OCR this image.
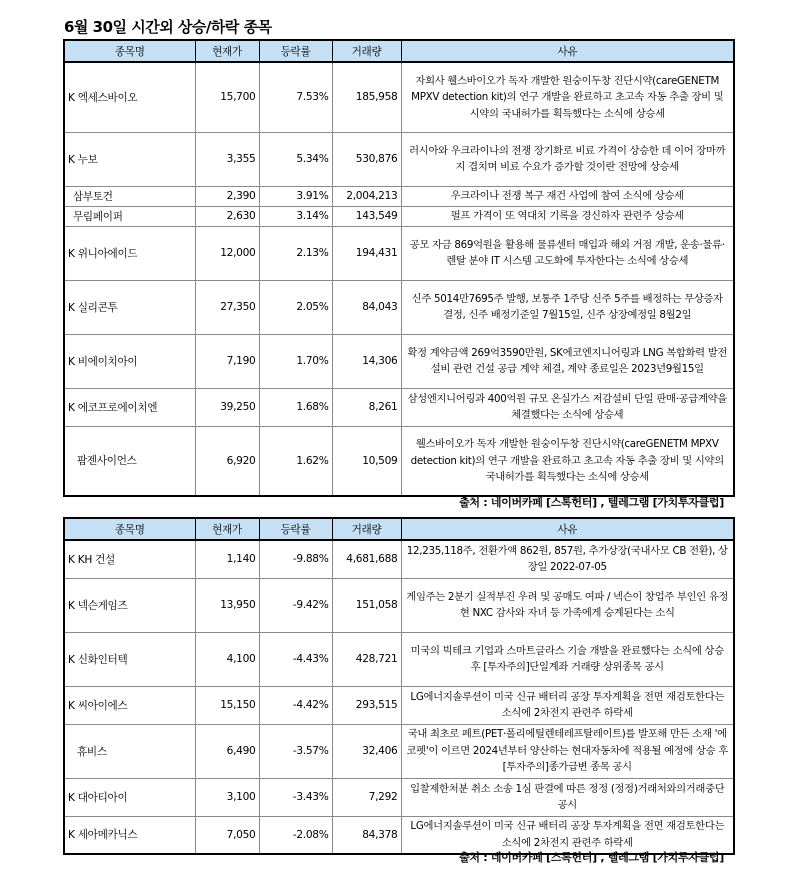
6월 30일 시간외 상승/하락 종목
종목명	현재가	등락률	거래량	사유
K 엑세스바이오	15,700	7.53%	185,958	자회사 웰스바이오가 독자 개발한 원숭이두창 진단시약(careGENETM MPXV detection kit)의 연구 개발을 완료하고 초고속 자동 추출 장비 및 시약의 국내허가를 획득했다는 소식에 상승세
K 누보	3,355	5.34%	530,876	러시아와 우크라이나의 전쟁 장기화로 비료 가격이 상승한 데 이어 장마까지 겹치며 비료 수요가 증가할 것이란 전망에 상승세
삼부토건	2,390	3.91%	2,004,213	우크라이나 전쟁 복구 재건 사업에 참여 소식에 상승세
무림페이퍼	2,630	3.14%	143,549	펄프 가격이 또 역대치 기록을 경신하자 관련주 상승세
K 위니아에이드	12,000	2.13%	194,431	공모 자금 869억원을 활용해 물류센터 매입과 해외 거점 개발, 운송·물류·렌탈 분야 IT 시스템 고도화에 투자한다는 소식에 상승세
K 실리콘투	27,350	2.05%	84,043	신주 5014만7695주 발행, 보통주 1주당 신주 5주를 배정하는 무상증자 결정, 신주 배정기준일 7월15일, 신주 상장예정일 8월2일
K 비에이치아이	7,190	1.70%	14,306	확정 계약금액 269억3590만원, SK에코엔지니어링과 LNG 복합화력 발전설비 관련 건설 공급 계약 체결, 계약 종료일은 2023년9월15일
K 에코프로에이치엔	39,250	1.68%	8,261	삼성엔지니어링과 400억원 규모 온실가스 저감설비 단일 판매·공급계약을 체결했다는 소식에 상승세
팜젠사이언스	6,920	1.62%	10,509	웰스바이오가 독자 개발한 원숭이두창 진단시약(careGENETM MPXV detection kit)의 연구 개발을 완료하고 초고속 자동 추출 장비 및 시약의 국내허가를 획득했다는 소식에 상승세
출처 : 네이버카페 [스톡헌터] , 텔레그램 [가치투자클럽]
종목명	현재가	등락률	거래량	사유
K KH 건설	1,140	-9.88%	4,681,688	12,235,118주, 전환가액 862원, 857원, 추가상장(국내사모 CB 전환), 상장일 2022-07-05
K 넥슨게임즈	13,950	-9.42%	151,058	게임주는 2분기 실적부진 우려 및 공매도 여파 / 넥슨이 창업주 부인인 유정현 NXC 감사와 자녀 등 가족에게 승계된다는 소식
K 신화인터텍	4,100	-4.43%	428,721	미국의 빅테크 기업과 스마트글라스 기술 개발을 완료했다는 소식에 상승 후 [투자주의]단일계좌 거래량 상위종목 공시
K 씨아이에스	15,150	-4.42%	293,515	LG에너지솔루션이 미국 신규 배터리 공장 투자계획을 전면 재검토한다는 소식에 2차전지 관련주 하락세
휴비스	6,490	-3.57%	32,406	국내 최초로 페트(PET·폴리에틸렌테레프탈레이트)를 발포해 만든 소재 '에코펫'이 이르면 2024년부터 양산하는 현대자동차에 적용될 예정에 상승 후 [투자주의]종가급변 종목 공시
K 대아티아이	3,100	-3.43%	7,292	입찰제한처분 취소 소송 1심 판결에 따른 정정 (정정)거래처와의거래중단 공시
K 세아메카닉스	7,050	-2.08%	84,378	LG에너지솔루션이 미국 신규 배터리 공장 투자계획을 전면 재검토한다는 소식에 2차전지 관련주 하락세
출처 : 네이버카페 [스톡헌터] , 텔레그램 [가치투자클럽]
